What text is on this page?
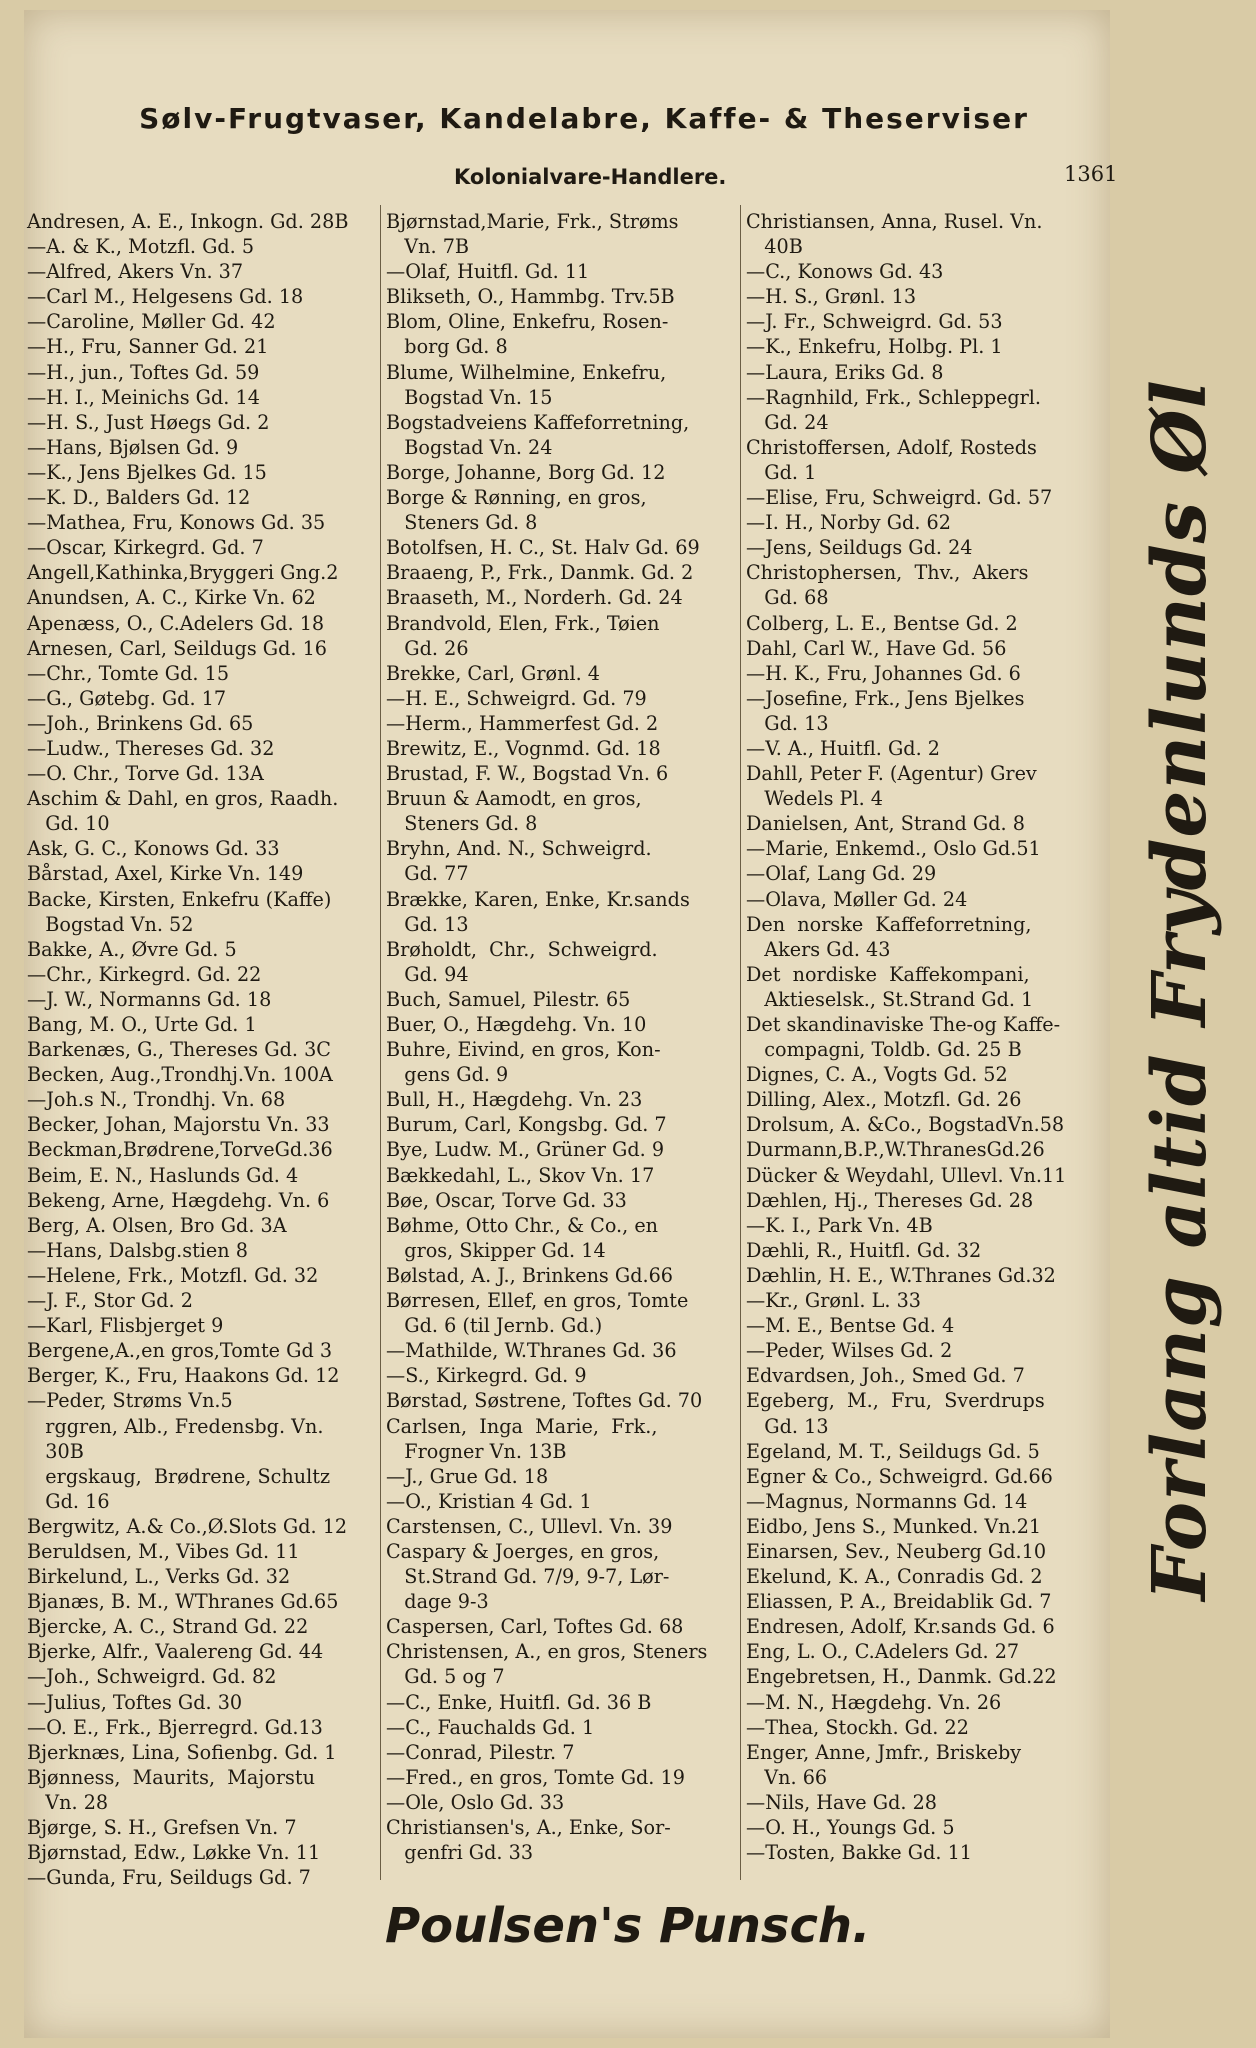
Sølv-Frugtvaser, Kandelabre, Kaffe- & Theserviser
Kolonialvare-Handlere.	1361
Andresen, A. E., Inkogn. Gd. 28B
—A. & K., Motzfl. Gd. 5
—Alfred, Akers Vn. 37
—Carl M., Helgesens Gd. 18
—Caroline, Møller Gd. 42
—H., Fru, Sanner Gd. 21
—H., jun., Toftes Gd. 59
—H. I., Meinichs Gd. 14
—H. S., Just Høegs Gd. 2
—Hans, Bjølsen Gd. 9
—K., Jens Bjelkes Gd. 15
—K. D., Balders Gd. 12
—Mathea, Fru, Konows Gd. 35
—Oscar, Kirkegrd. Gd. 7
Angell,Kathinka,Bryggeri Gng.2
Anundsen, A. C., Kirke Vn. 62
Apenæss, O., C.Adelers Gd. 18
Arnesen, Carl, Seildugs Gd. 16
—Chr., Tomte Gd. 15
—G., Gøtebg. Gd. 17
—Joh., Brinkens Gd. 65
—Ludw., Thereses Gd. 32
—O. Chr., Torve Gd. 13A
Aschim & Dahl, en gros, Raadh.
Gd. 10
Ask, G. C., Konows Gd. 33
Bårstad, Axel, Kirke Vn. 149
Backe, Kirsten, Enkefru (Kaffe)
Bogstad Vn. 52
Bakke, A., Øvre Gd. 5
—Chr., Kirkegrd. Gd. 22
—J. W., Normanns Gd. 18
Bang, M. O., Urte Gd. 1
Barkenæs, G., Thereses Gd. 3C
Becken, Aug.,Trondhj.Vn. 100A
—Joh.s N., Trondhj. Vn. 68
Becker, Johan, Majorstu Vn. 33
Beckman,Brødrene,TorveGd.36
Beim, E. N., Haslunds Gd. 4
Bekeng, Arne, Hægdehg. Vn. 6
Berg, A. Olsen, Bro Gd. 3A
—Hans, Dalsbg.stien 8
—Helene, Frk., Motzfl. Gd. 32
—J. F., Stor Gd. 2
—Karl, Flisbjerget 9
Bergene,A.,en gros,Tomte Gd 3
Berger, K., Fru, Haakons Gd. 12
—Peder, Strøms Vn.5
rggren, Alb., Fredensbg. Vn.
30B
ergskaug,  Brødrene, Schultz
Gd. 16
Bergwitz, A.& Co.,Ø.Slots Gd. 12
Beruldsen, M., Vibes Gd. 11
Birkelund, L., Verks Gd. 32
Bjanæs, B. M., WThranes Gd.65
Bjercke, A. C., Strand Gd. 22
Bjerke, Alfr., Vaalereng Gd. 44
—Joh., Schweigrd. Gd. 82
—Julius, Toftes Gd. 30
—O. E., Frk., Bjerregrd. Gd.13
Bjerknæs, Lina, Sofienbg. Gd. 1
Bjønness,  Maurits,  Majorstu
Vn. 28
Bjørge, S. H., Grefsen Vn. 7
Bjørnstad, Edw., Løkke Vn. 11
—Gunda, Fru, Seildugs Gd. 7
Bjørnstad,Marie, Frk., Strøms
Vn. 7B
—Olaf, Huitfl. Gd. 11
Blikseth, O., Hammbg. Trv.5B
Blom, Oline, Enkefru, Rosen-
borg Gd. 8
Blume, Wilhelmine, Enkefru,
Bogstad Vn. 15
Bogstadveiens Kaffeforretning,
Bogstad Vn. 24
Borge, Johanne, Borg Gd. 12
Borge & Rønning, en gros,
Steners Gd. 8
Botolfsen, H. C., St. Halv Gd. 69
Braaeng, P., Frk., Danmk. Gd. 2
Braaseth, M., Norderh. Gd. 24
Brandvold, Elen, Frk., Tøien
Gd. 26
Brekke, Carl, Grønl. 4
—H. E., Schweigrd. Gd. 79
—Herm., Hammerfest Gd. 2
Brewitz, E., Vognmd. Gd. 18
Brustad, F. W., Bogstad Vn. 6
Bruun & Aamodt, en gros,
Steners Gd. 8
Bryhn, And. N., Schweigrd.
Gd. 77
Brække, Karen, Enke, Kr.sands
Gd. 13
Brøholdt,  Chr.,  Schweigrd.
Gd. 94
Buch, Samuel, Pilestr. 65
Buer, O., Hægdehg. Vn. 10
Buhre, Eivind, en gros, Kon-
gens Gd. 9
Bull, H., Hægdehg. Vn. 23
Burum, Carl, Kongsbg. Gd. 7
Bye, Ludw. M., Grüner Gd. 9
Bækkedahl, L., Skov Vn. 17
Bøe, Oscar, Torve Gd. 33
Bøhme, Otto Chr., & Co., en
gros, Skipper Gd. 14
Bølstad, A. J., Brinkens Gd.66
Børresen, Ellef, en gros, Tomte
Gd. 6 (til Jernb. Gd.)
—Mathilde, W.Thranes Gd. 36
—S., Kirkegrd. Gd. 9
Børstad, Søstrene, Toftes Gd. 70
Carlsen,  Inga  Marie,  Frk.,
Frogner Vn. 13B
—J., Grue Gd. 18
—O., Kristian 4 Gd. 1
Carstensen, C., Ullevl. Vn. 39
Caspary & Joerges, en gros,
St.Strand Gd. 7/9, 9-7, Lør-
dage 9-3
Caspersen, Carl, Toftes Gd. 68
Christensen, A., en gros, Steners
Gd. 5 og 7
—C., Enke, Huitfl. Gd. 36 B
—C., Fauchalds Gd. 1
—Conrad, Pilestr. 7
—Fred., en gros, Tomte Gd. 19
—Ole, Oslo Gd. 33
Christiansen's, A., Enke, Sor-
genfri Gd. 33
Christiansen, Anna, Rusel. Vn.
40B
—C., Konows Gd. 43
—H. S., Grønl. 13
—J. Fr., Schweigrd. Gd. 53
—K., Enkefru, Holbg. Pl. 1
—Laura, Eriks Gd. 8
—Ragnhild, Frk., Schleppegrl.
Gd. 24
Christoffersen, Adolf, Rosteds
Gd. 1
—Elise, Fru, Schweigrd. Gd. 57
—I. H., Norby Gd. 62
—Jens, Seildugs Gd. 24
Christophersen,  Thv.,  Akers
Gd. 68
Colberg, L. E., Bentse Gd. 2
Dahl, Carl W., Have Gd. 56
—H. K., Fru, Johannes Gd. 6
—Josefine, Frk., Jens Bjelkes
Gd. 13
—V. A., Huitfl. Gd. 2
Dahll, Peter F. (Agentur) Grev
Wedels Pl. 4
Danielsen, Ant, Strand Gd. 8
—Marie, Enkemd., Oslo Gd.51
—Olaf, Lang Gd. 29
—Olava, Møller Gd. 24
Den  norske  Kaffeforretning,
Akers Gd. 43
Det  nordiske  Kaffekompani,
Aktieselsk., St.Strand Gd. 1
Det skandinaviske The-og Kaffe-
compagni, Toldb. Gd. 25 B
Dignes, C. A., Vogts Gd. 52
Dilling, Alex., Motzfl. Gd. 26
Drolsum, A. &Co., BogstadVn.58
Durmann,B.P.,W.ThranesGd.26
Dücker & Weydahl, Ullevl. Vn.11
Dæhlen, Hj., Thereses Gd. 28
—K. I., Park Vn. 4B
Dæhli, R., Huitfl. Gd. 32
Dæhlin, H. E., W.Thranes Gd.32
—Kr., Grønl. L. 33
—M. E., Bentse Gd. 4
—Peder, Wilses Gd. 2
Edvardsen, Joh., Smed Gd. 7
Egeberg,  M.,  Fru,  Sverdrups
Gd. 13
Egeland, M. T., Seildugs Gd. 5
Egner & Co., Schweigrd. Gd.66
—Magnus, Normanns Gd. 14
Eidbo, Jens S., Munked. Vn.21
Einarsen, Sev., Neuberg Gd.10
Ekelund, K. A., Conradis Gd. 2
Eliassen, P. A., Breidablik Gd. 7
Endresen, Adolf, Kr.sands Gd. 6
Eng, L. O., C.Adelers Gd. 27
Engebretsen, H., Danmk. Gd.22
—M. N., Hægdehg. Vn. 26
—Thea, Stockh. Gd. 22
Enger, Anne, Jmfr., Briskeby
Vn. 66
—Nils, Have Gd. 28
—O. H., Youngs Gd. 5
—Tosten, Bakke Gd. 11
Forlang altid Frydenlunds Øl
Poulsen's Punsch.
